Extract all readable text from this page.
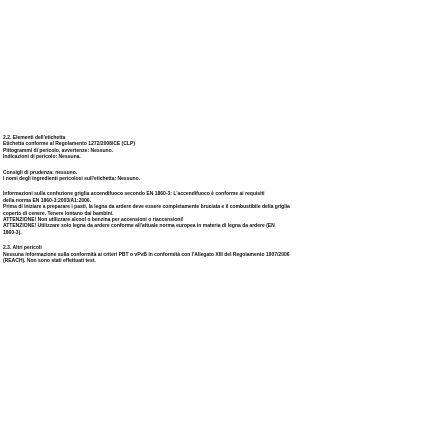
2.2. Elementi dell'etichetta

Etichetta conforme al Regolamento 1272/2008/CE (CLP)

Pittogrammi di pericolo, avvertenze: Nessuno.

Indicazioni di pericolo: Nessuna.

Consigli di prudenza: nessuno.

I nomi degli ingredienti pericolosi sull'etichetta: Nessuno.

Informazioni sulla confezione griglia accendifuoco secondo EN 1860-3: L'accendifuoco è conforme ai requisiti

della norma EN 1860-3:2003/A1:2006.

Prima di iniziare a preparare i pasti, la legna da ardere deve essere completamente bruciata e il combustibile della griglia

coperto di cenere. Tenere lontano dai bambini.

ATTENZIONE! Non utilizzare alcool o benzina per accensioni o riaccensioni!

ATTENZIONE! Utilizzare solo legna da ardere conforme all'attuale norma europea in materia di legna da ardere (EN

1860-3).

2.3. Altri pericoli

Nessuna informazione sulla conformità ai criteri PBT o vPvB in conformità con l'Allegato XIII del Regolamento 1907/2006

(REACH). Non sono stati effettuati test.
